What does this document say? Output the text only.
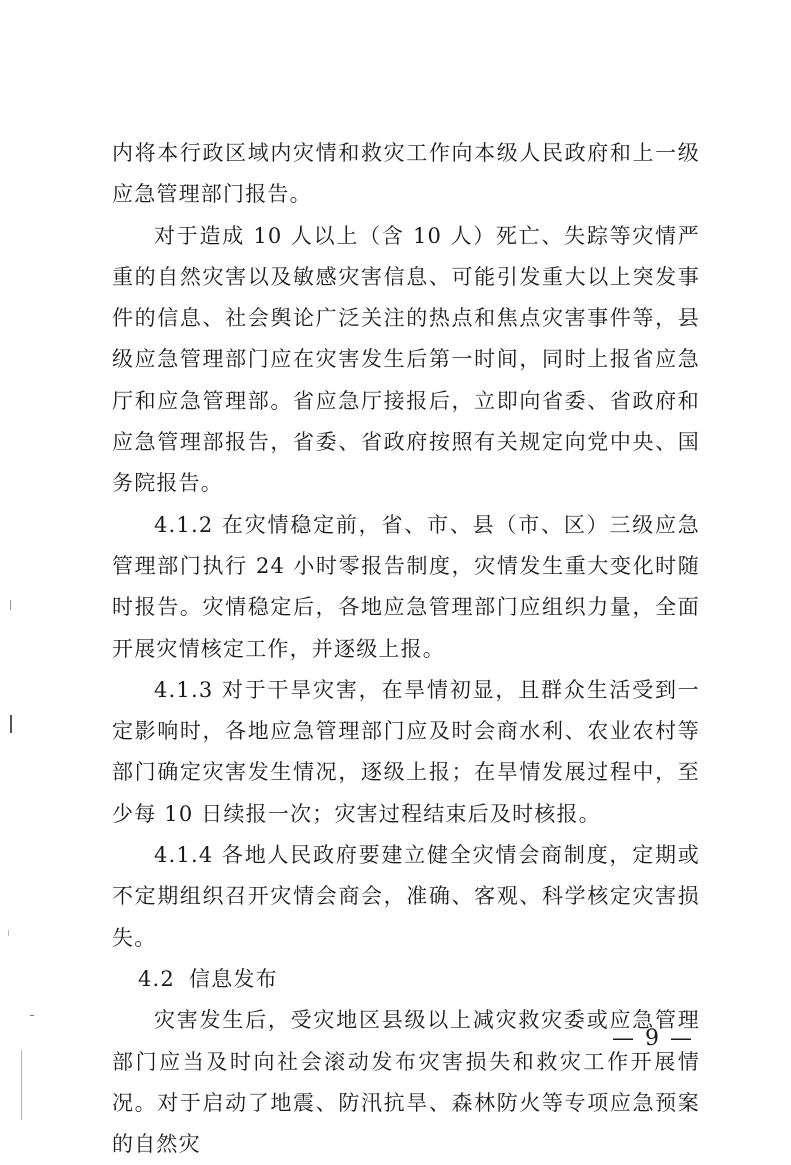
内将本行政区域内灾情和救灾工作向本级人民政府和上一级应急管理部门报告。

对于造成 10 人以上（含 10 人）死亡、失踪等灾情严重的自然灾害以及敏感灾害信息、可能引发重大以上突发事件的信息、社会舆论广泛关注的热点和焦点灾害事件等，县级应急管理部门应在灾害发生后第一时间，同时上报省应急厅和应急管理部。省应急厅接报后，立即向省委、省政府和应急管理部报告，省委、省政府按照有关规定向党中央、国务院报告。

4.1.2 在灾情稳定前，省、市、县（市、区）三级应急管理部门执行 24 小时零报告制度，灾情发生重大变化时随时报告。灾情稳定后，各地应急管理部门应组织力量，全面开展灾情核定工作，并逐级上报。

4.1.3 对于干旱灾害，在旱情初显，且群众生活受到一定影响时，各地应急管理部门应及时会商水利、农业农村等部门确定灾害发生情况，逐级上报；在旱情发展过程中，至少每 10 日续报一次；灾害过程结束后及时核报。

4.1.4 各地人民政府要建立健全灾情会商制度，定期或不定期组织召开灾情会商会，准确、客观、科学核定灾害损失。

4.2 信息发布

灾害发生后，受灾地区县级以上减灾救灾委或应急管理部门应当及时向社会滚动发布灾害损失和救灾工作开展情况。对于启动了地震、防汛抗旱、森林防火等专项应急预案的自然灾

— 9 —
